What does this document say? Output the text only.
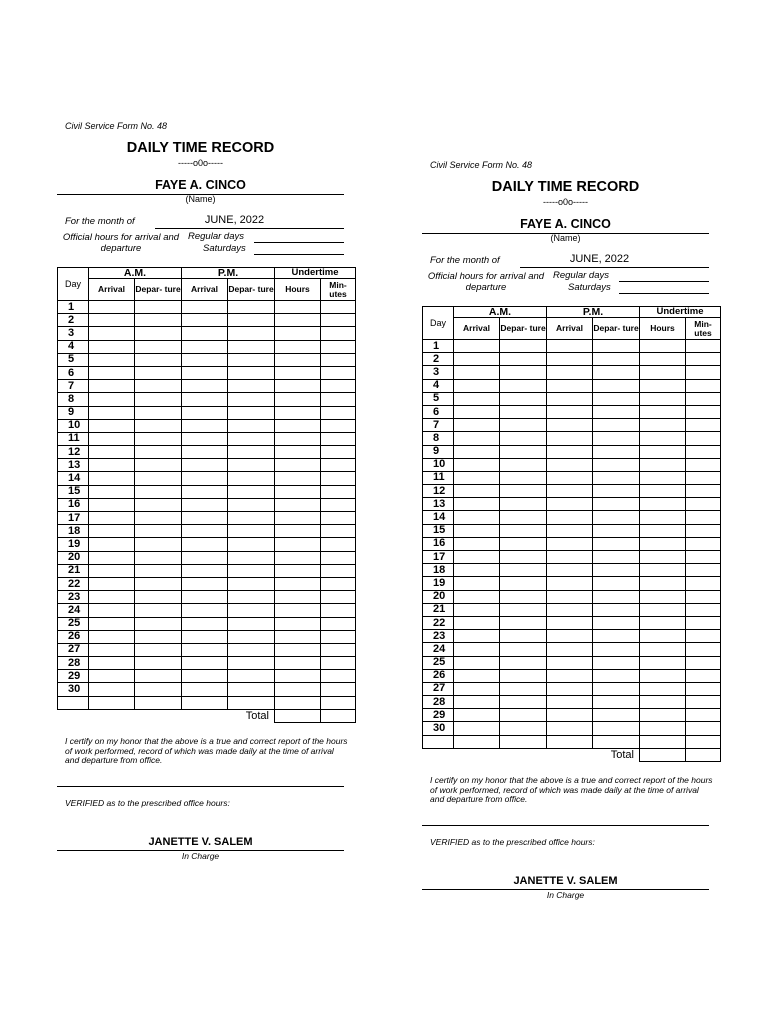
Civil Service Form No. 48
DAILY TIME RECORD
-----o0o-----
FAYE A. CINCO
(Name)
For the month of	JUNE, 2022
Official hours for arrival and departure
Regular days
Saturdays
Day	A.M.		P.M.		Undertime	
	Arrival	Depar- ture	Arrival	Depar- ture	Hours	Min- utes
1						
2						
3						
4						
5						
6						
7						
8						
9						
10						
11						
12						
13						
14						
15						
16						
17						
18						
19						
20						
21						
22						
23						
24						
25						
26						
27						
28						
29						
30						

Total						
I certify on my honor that the above is a true and correct report of the hours of work performed, record of which was made daily at the time of arrival and departure from office.
VERIFIED as to the prescribed office hours:
JANETTE V. SALEM
In Charge
Civil Service Form No. 48
DAILY TIME RECORD
-----o0o-----
FAYE A. CINCO
(Name)
For the month of	JUNE, 2022
Official hours for arrival and departure
Regular days
Saturdays
Day	A.M.		P.M.		Undertime	
	Arrival	Depar- ture	Arrival	Depar- ture	Hours	Min- utes
1						
2						
3						
4						
5						
6						
7						
8						
9						
10						
11						
12						
13						
14						
15						
16						
17						
18						
19						
20						
21						
22						
23						
24						
25						
26						
27						
28						
29						
30						

Total						
I certify on my honor that the above is a true and correct report of the hours of work performed, record of which was made daily at the time of arrival and departure from office.
VERIFIED as to the prescribed office hours:
JANETTE V. SALEM
In Charge
